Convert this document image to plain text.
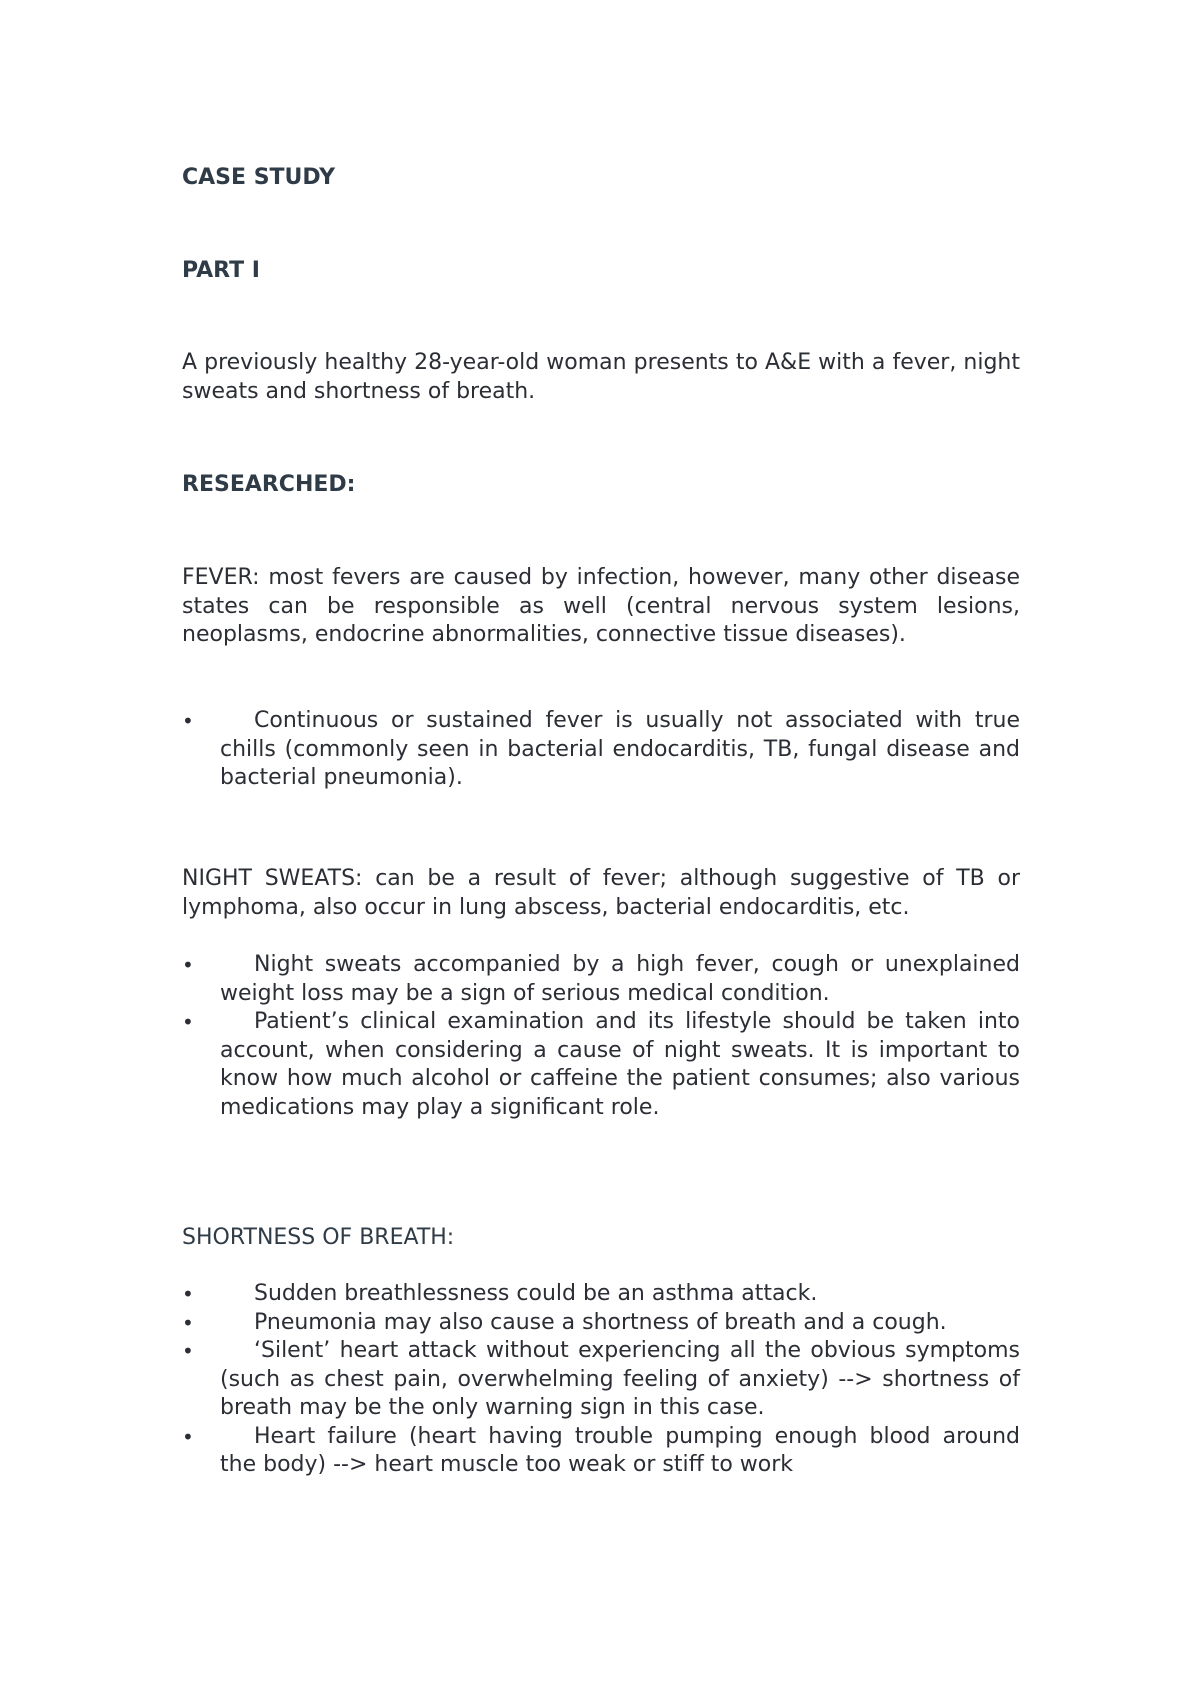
CASE STUDY
PART I
A previously healthy 28-year-old woman presents to A&E with a fever, night sweats and shortness of breath.
RESEARCHED:
FEVER: most fevers are caused by infection, however, many other disease states can be responsible as well (central nervous system lesions, neoplasms, endocrine abnormalities, connective tissue diseases).
•	Continuous or sustained fever is usually not associated with true chills (commonly seen in bacterial endocarditis, TB, fungal disease and bacterial pneumonia).
NIGHT SWEATS: can be a result of fever; although suggestive of TB or lymphoma, also occur in lung abscess, bacterial endocarditis, etc.
•	Night sweats accompanied by a high fever, cough or unexplained weight loss may be a sign of serious medical condition.
•	Patient’s clinical examination and its lifestyle should be taken into account, when considering a cause of night sweats. It is important to know how much alcohol or caffeine the patient consumes; also various medications may play a significant role.
SHORTNESS OF BREATH:
•	Sudden breathlessness could be an asthma attack.
•	Pneumonia may also cause a shortness of breath and a cough.
•	‘Silent’ heart attack without experiencing all the obvious symptoms (such as chest pain, overwhelming feeling of anxiety) --> shortness of breath may be the only warning sign in this case.
•	Heart failure (heart having trouble pumping enough blood around the body) --> heart muscle too weak or stiff to work
